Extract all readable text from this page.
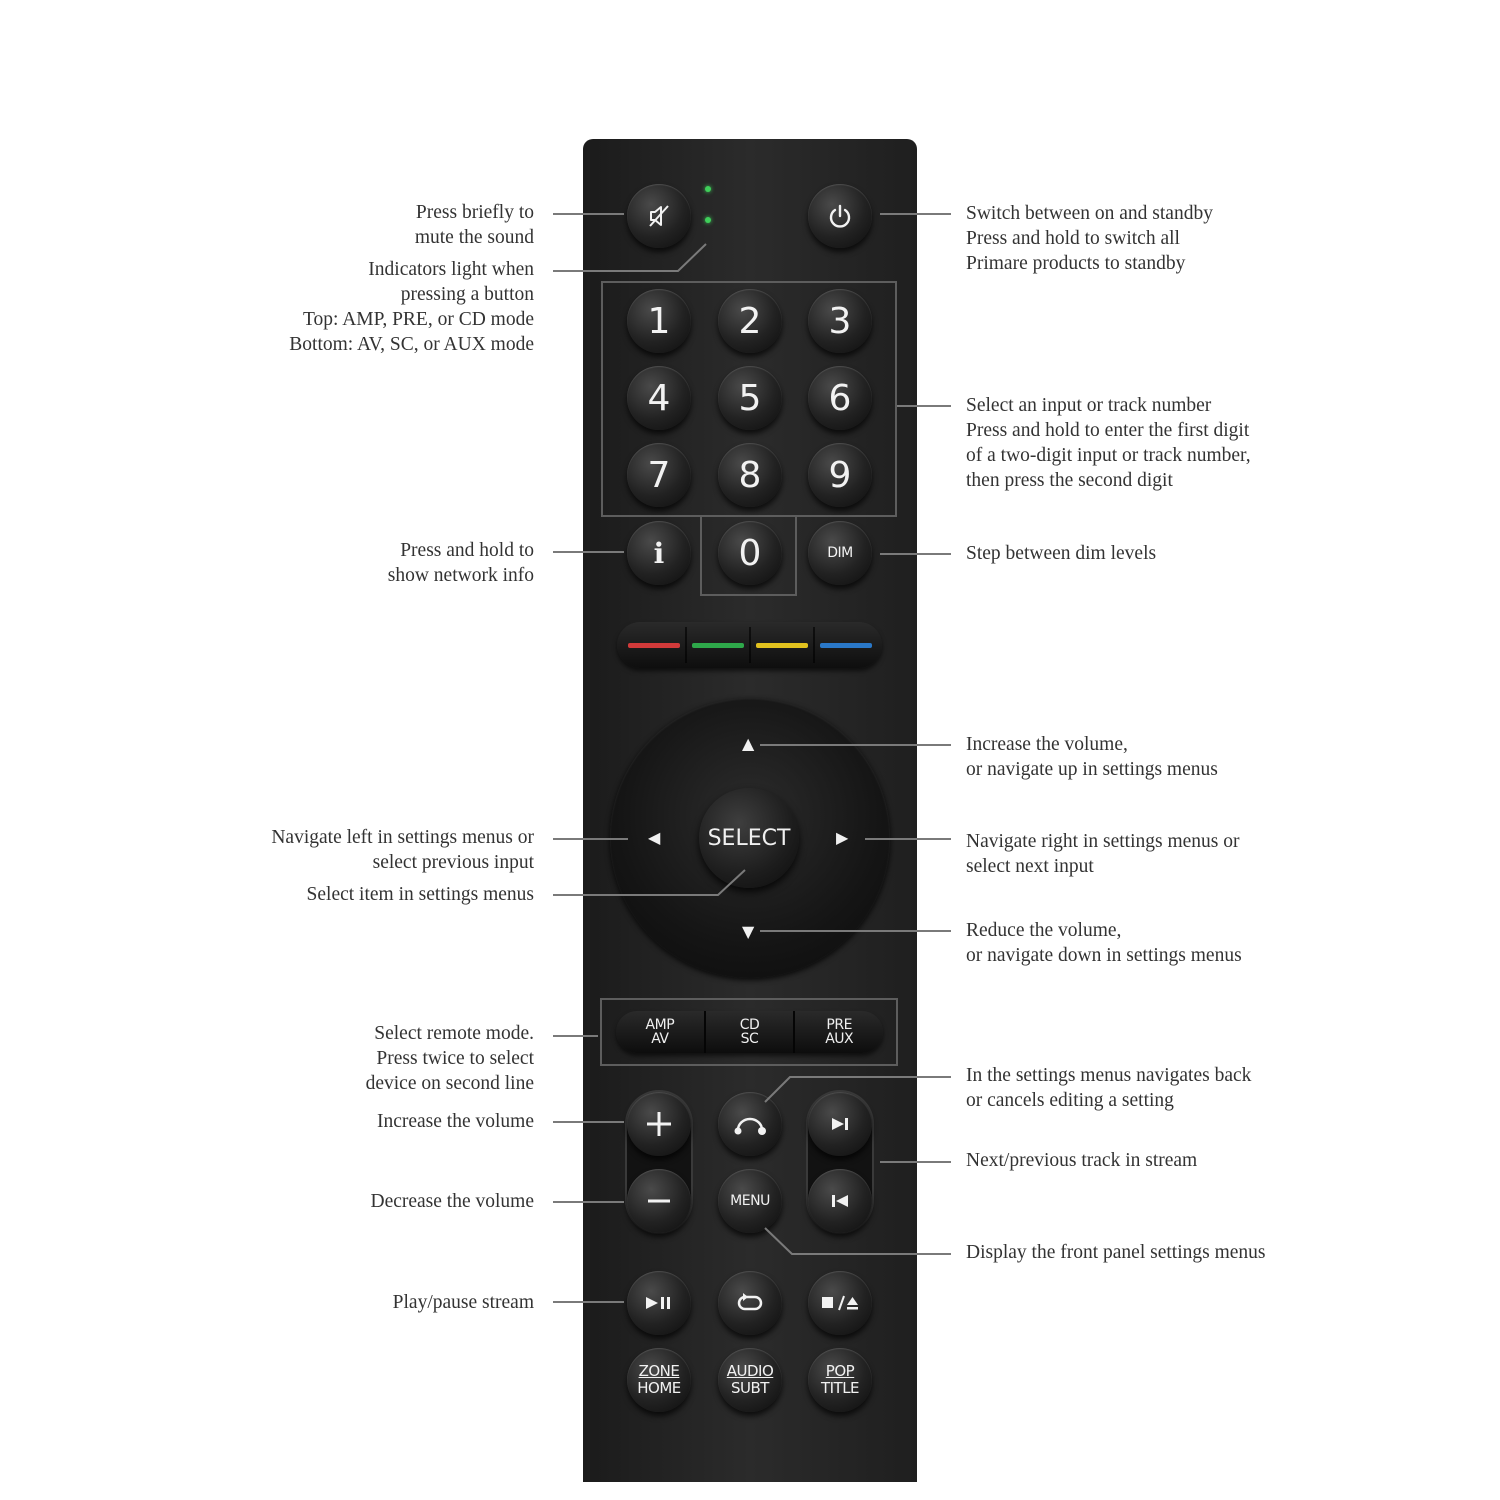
1 2 3
4 5 6
7 8 9
i 0	DIM
▲
▼
◀	▶
SELECT
AMP
AV
CD
SC
PRE
AUX
MENU
ZONE
HOME
AUDIO
SUBT
POP
TITLE
Press briefly to
mute the sound
Indicators light when
pressing a button
Top: AMP, PRE, or CD mode
Bottom: AV, SC, or AUX mode
Press and hold to
show network info
Navigate left in settings menus or
select previous input
Select item in settings menus
Select remote mode.
Press twice to select
device on second line
Increase the volume
Decrease the volume
Play/pause stream
Switch between on and standby
Press and hold to switch all
Primare products to standby
Select an input or track number
Press and hold to enter the first digit
of a two-digit input or track number,
then press the second digit
Step between dim levels
Increase the volume,
or navigate up in settings menus
Navigate right in settings menus or
select next input
Reduce the volume,
or navigate down in settings menus
In the settings menus navigates back
or cancels editing a setting
Next/previous track in stream
Display the front panel settings menus
